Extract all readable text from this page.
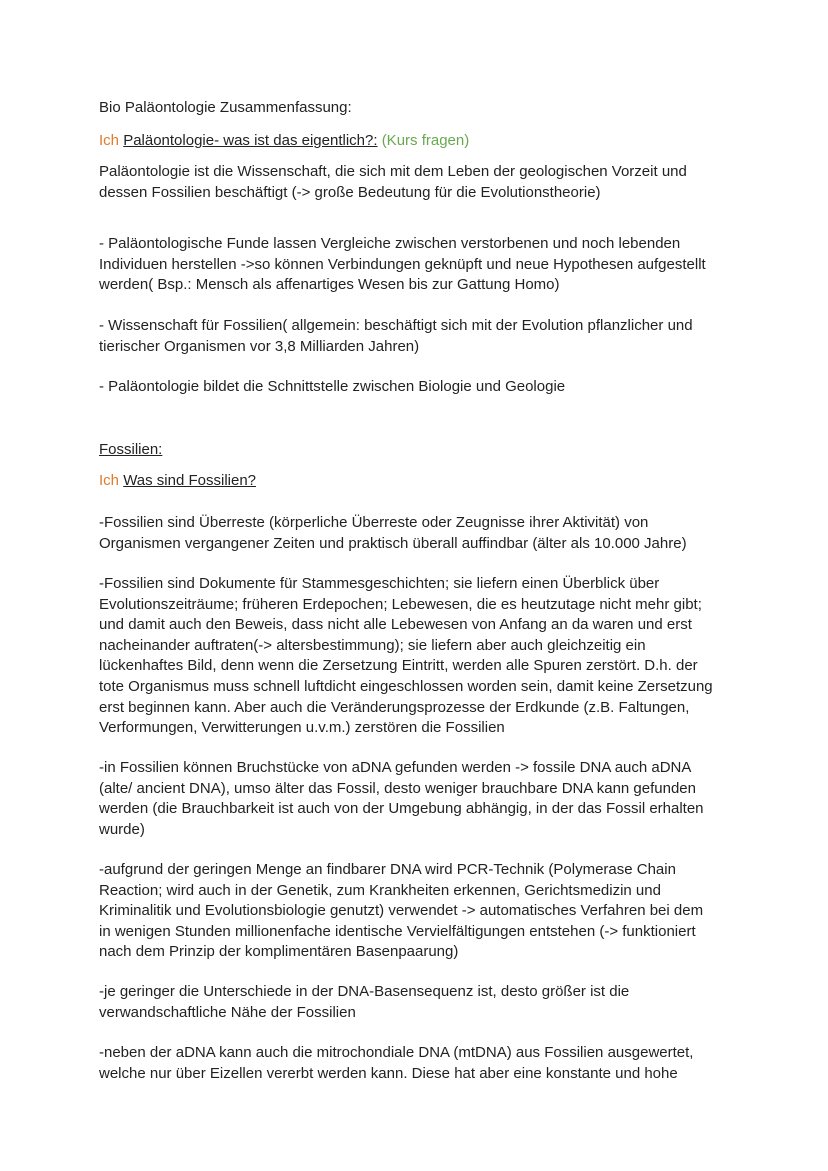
Bio Paläontologie Zusammenfassung:
Ich Paläontologie- was ist das eigentlich?: (Kurs fragen)
Paläontologie ist die Wissenschaft, die sich mit dem Leben der geologischen Vorzeit und
dessen Fossilien beschäftigt (-> große Bedeutung für die Evolutionstheorie)
- Paläontologische Funde lassen Vergleiche zwischen verstorbenen und noch lebenden
Individuen herstellen ->so können Verbindungen geknüpft und neue Hypothesen aufgestellt
werden( Bsp.: Mensch als affenartiges Wesen bis zur Gattung Homo)
- Wissenschaft für Fossilien( allgemein: beschäftigt sich mit der Evolution pflanzlicher und
tierischer Organismen vor 3,8 Milliarden Jahren)
- Paläontologie bildet die Schnittstelle zwischen Biologie und Geologie
Fossilien:
Ich Was sind Fossilien?
-Fossilien sind Überreste (körperliche Überreste oder Zeugnisse ihrer Aktivität) von
Organismen vergangener Zeiten und praktisch überall auffindbar (älter als 10.000 Jahre)
-Fossilien sind Dokumente für Stammesgeschichten; sie liefern einen Überblick über
Evolutionszeiträume; früheren Erdepochen; Lebewesen, die es heutzutage nicht mehr gibt;
und damit auch den Beweis, dass nicht alle Lebewesen von Anfang an da waren und erst
nacheinander auftraten(-> altersbestimmung); sie liefern aber auch gleichzeitig ein
lückenhaftes Bild, denn wenn die Zersetzung Eintritt, werden alle Spuren zerstört. D.h. der
tote Organismus muss schnell luftdicht eingeschlossen worden sein, damit keine Zersetzung
erst beginnen kann. Aber auch die Veränderungsprozesse der Erdkunde (z.B. Faltungen,
Verformungen, Verwitterungen u.v.m.) zerstören die Fossilien
-in Fossilien können Bruchstücke von aDNA gefunden werden -> fossile DNA auch aDNA
(alte/ ancient DNA), umso älter das Fossil, desto weniger brauchbare DNA kann gefunden
werden (die Brauchbarkeit ist auch von der Umgebung abhängig, in der das Fossil erhalten
wurde)
-aufgrund der geringen Menge an findbarer DNA wird PCR-Technik (Polymerase Chain
Reaction; wird auch in der Genetik, zum Krankheiten erkennen, Gerichtsmedizin und
Kriminalitik und Evolutionsbiologie genutzt) verwendet -> automatisches Verfahren bei dem
in wenigen Stunden millionenfache identische Vervielfältigungen entstehen (-> funktioniert
nach dem Prinzip der komplimentären Basenpaarung)
-je geringer die Unterschiede in der DNA-Basensequenz ist, desto größer ist die
verwandschaftliche Nähe der Fossilien
-neben der aDNA kann auch die mitrochondiale DNA (mtDNA) aus Fossilien ausgewertet,
welche nur über Eizellen vererbt werden kann. Diese hat aber eine konstante und hohe
